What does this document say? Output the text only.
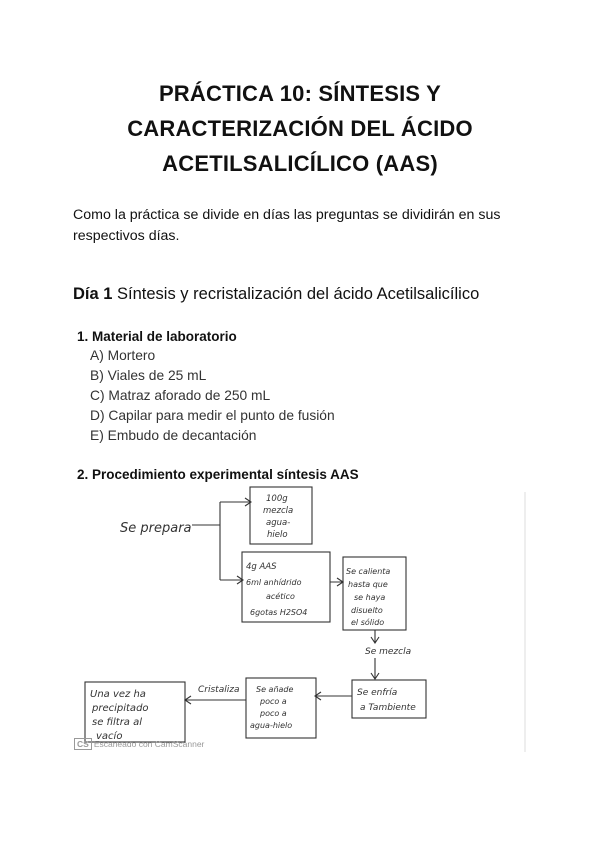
PRÁCTICA 10: SÍNTESIS Y
CARACTERIZACIÓN DEL ÁCIDO
ACETILSALICÍLICO (AAS)
Como la práctica se divide en días las preguntas se dividirán en sus respectivos días.
Día 1 Síntesis y recristalización del ácido Acetilsalicílico
1. Material de laboratorio
A) Mortero
B) Viales de 25 mL
C) Matraz aforado de 250 mL
D) Capilar para medir el punto de fusión
E) Embudo de decantación
2. Procedimiento experimental síntesis AAS
Se prepara
100g
mezcla
agua-
hielo
4g AAS
6ml anhídrido
acético
6gotas H2SO4
Se calienta
hasta que
se haya
disuelto
el sólido
Se mezcla
Se enfría
a Tambiente
Se añade
poco a
poco a
agua-hielo
Cristaliza
Una vez ha
precipitado
se filtra al
vacío
CS Escaneado con CamScanner
